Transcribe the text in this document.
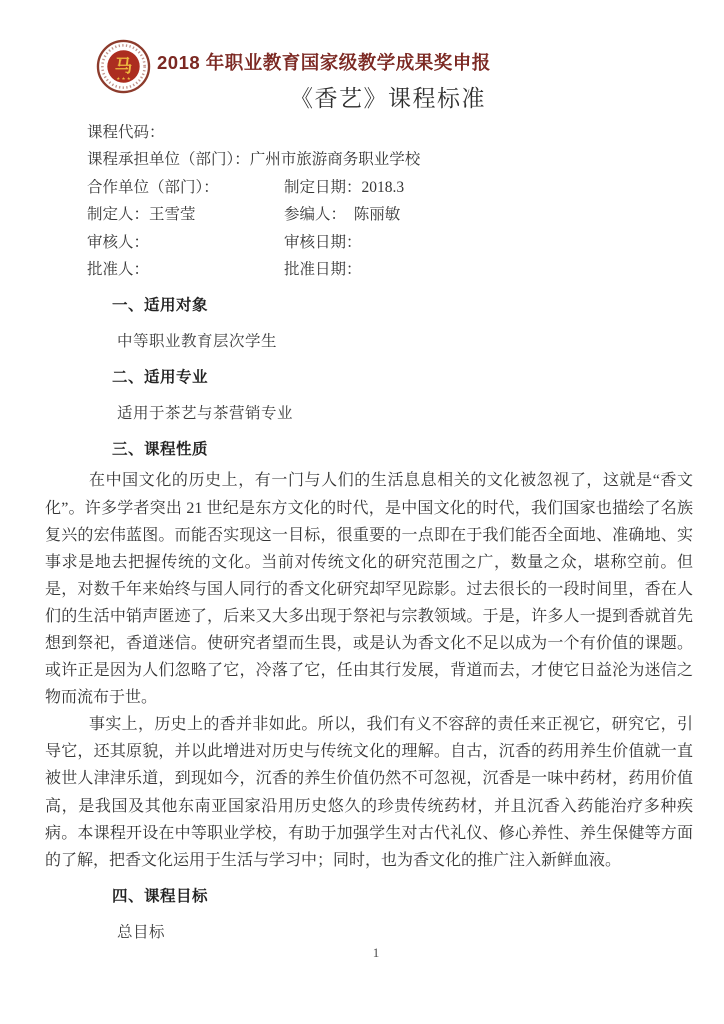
马
★ ★ ★
2018 年职业教育国家级教学成果奖申报
《香艺》课程标准
课程代码：
课程承担单位（部门）：广州市旅游商务职业学校
合作单位（部门）：	制定日期：2018.3
制定人：王雪莹	参编人：　陈丽敏
审核人：	审核日期：
批准人：	批准日期：
一、适用对象
中等职业教育层次学生
二、适用专业
适用于茶艺与茶营销专业
三、课程性质
在中国文化的历史上，有一门与人们的生活息息相关的文化被忽视了，这就是“香文化”。许多学者突出 21 世纪是东方文化的时代，是中国文化的时代，我们国家也描绘了名族复兴的宏伟蓝图。而能否实现这一目标，很重要的一点即在于我们能否全面地、准确地、实事求是地去把握传统的文化。当前对传统文化的研究范围之广，数量之众，堪称空前。但是，对数千年来始终与国人同行的香文化研究却罕见踪影。过去很长的一段时间里，香在人们的生活中销声匿迹了，后来又大多出现于祭祀与宗教领域。于是，许多人一提到香就首先想到祭祀，香道迷信。使研究者望而生畏，或是认为香文化不足以成为一个有价值的课题。或许正是因为人们忽略了它，冷落了它，任由其行发展，背道而去，才使它日益沦为迷信之物而流布于世。
事实上，历史上的香并非如此。所以，我们有义不容辞的责任来正视它，研究它，引导它，还其原貌，并以此增进对历史与传统文化的理解。自古，沉香的药用养生价值就一直被世人津津乐道，到现如今，沉香的养生价值仍然不可忽视，沉香是一味中药材，药用价值高，是我国及其他东南亚国家沿用历史悠久的珍贵传统药材，并且沉香入药能治疗多种疾病。本课程开设在中等职业学校，有助于加强学生对古代礼仪、修心养性、养生保健等方面的了解，把香文化运用于生活与学习中；同时，也为香文化的推广注入新鲜血液。
四、课程目标
总目标
1
